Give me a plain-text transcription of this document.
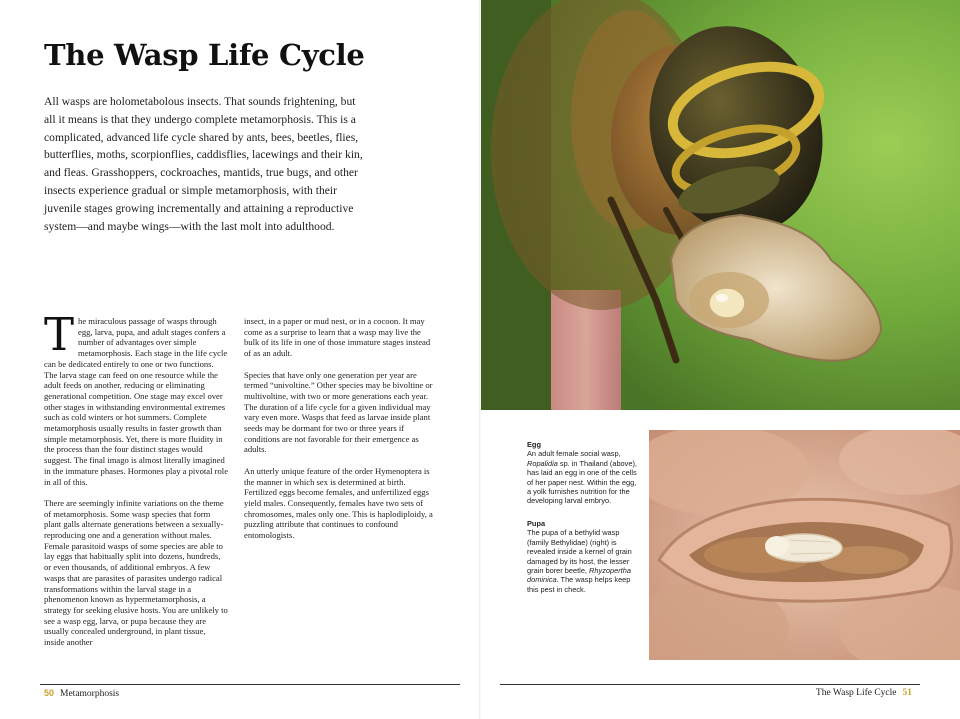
The Wasp Life Cycle

All wasps are holometabolous insects. That sounds frightening, but all it means is that they undergo complete metamorphosis. This is a complicated, advanced life cycle shared by ants, bees, beetles, flies, butterflies, moths, scorpionflies, caddisflies, lacewings and their kin, and fleas. Grasshoppers, cockroaches, mantids, true bugs, and other insects experience gradual or simple metamorphosis, with their juvenile stages growing incrementally and attaining a reproductive system—and maybe wings—with the last molt into adulthood.

The miraculous passage of wasps through egg, larva, pupa, and adult stages confers a number of advantages over simple metamorphosis. Each stage in the life cycle can be dedicated entirely to one or two functions. The larva stage can feed on one resource while the adult feeds on another, reducing or eliminating generational competition. One stage may excel over other stages in withstanding environmental extremes such as cold winters or hot summers. Complete metamorphosis usually results in faster growth than simple metamorphosis. Yet, there is more fluidity in the process than the four distinct stages would suggest. The final imago is almost literally imagined in the immature phases. Hormones play a pivotal role in all of this.

There are seemingly infinite variations on the theme of metamorphosis. Some wasp species that form plant galls alternate generations between a sexually-reproducing one and a generation without males. Female parasitoid wasps of some species are able to lay eggs that habitually split into dozens, hundreds, or even thousands, of additional embryos. A few wasps that are parasites of parasites undergo radical transformations within the larval stage in a phenomenon known as hypermetamorphosis, a strategy for seeking elusive hosts. You are unlikely to see a wasp egg, larva, or pupa because they are usually concealed underground, in plant tissue, inside another

insect, in a paper or mud nest, or in a cocoon. It may come as a surprise to learn that a wasp may live the bulk of its life in one of those immature stages instead of as an adult.

Species that have only one generation per year are termed “univoltine.” Other species may be bivoltine or multivoltine, with two or more generations each year. The duration of a life cycle for a given individual may vary even more. Wasps that feed as larvae inside plant seeds may be dormant for two or three years if conditions are not favorable for their emergence as adults.

An utterly unique feature of the order Hymenoptera is the manner in which sex is determined at birth. Fertilized eggs become females, and unfertilized eggs yield males. Consequently, females have two sets of chromosomes, males only one. This is haplodiploidy, a puzzling attribute that continues to confound entomologists.

50 Metamorphosis
Egg
An adult female social wasp, Ropalidia sp. in Thailand (above), has laid an egg in one of the cells of her paper nest. Within the egg, a yolk furnishes nutrition for the developing larval embryo.
Pupa
The pupa of a bethylid wasp (family Bethylidae) (right) is revealed inside a kernel of grain damaged by its host, the lesser grain borer beetle, Rhyzopertha dominica. The wasp helps keep this pest in check.
The Wasp Life Cycle 51
